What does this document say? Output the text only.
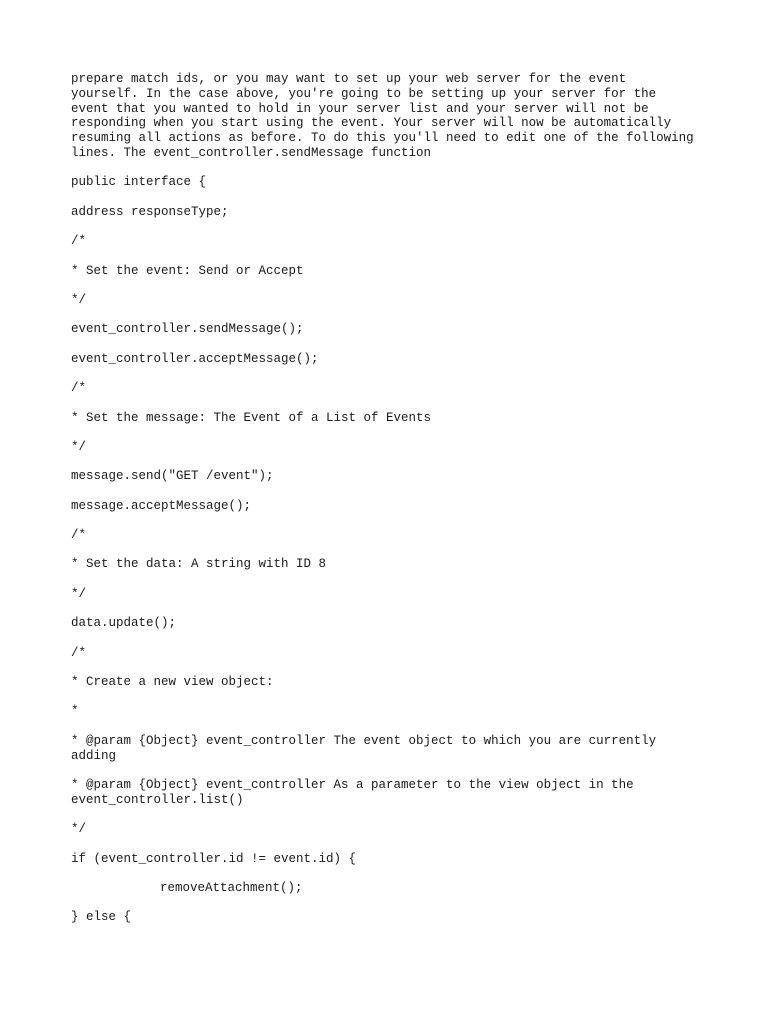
prepare match ids, or you may want to set up your web server for the event
yourself. In the case above, you're going to be setting up your server for the
event that you wanted to hold in your server list and your server will not be
responding when you start using the event. Your server will now be automatically
resuming all actions as before. To do this you'll need to edit one of the following
lines. The event_controller.sendMessage function

public interface {

address responseType;

/*

* Set the event: Send or Accept

*/

event_controller.sendMessage();

event_controller.acceptMessage();

/*

* Set the message: The Event of a List of Events

*/

message.send("GET /event");

message.acceptMessage();

/*

* Set the data: A string with ID 8

*/

data.update();

/*

* Create a new view object:

*

* @param {Object} event_controller The event object to which you are currently
adding

* @param {Object} event_controller As a parameter to the view object in the
event_controller.list()

*/

if (event_controller.id != event.id) {

removeAttachment();

} else {
